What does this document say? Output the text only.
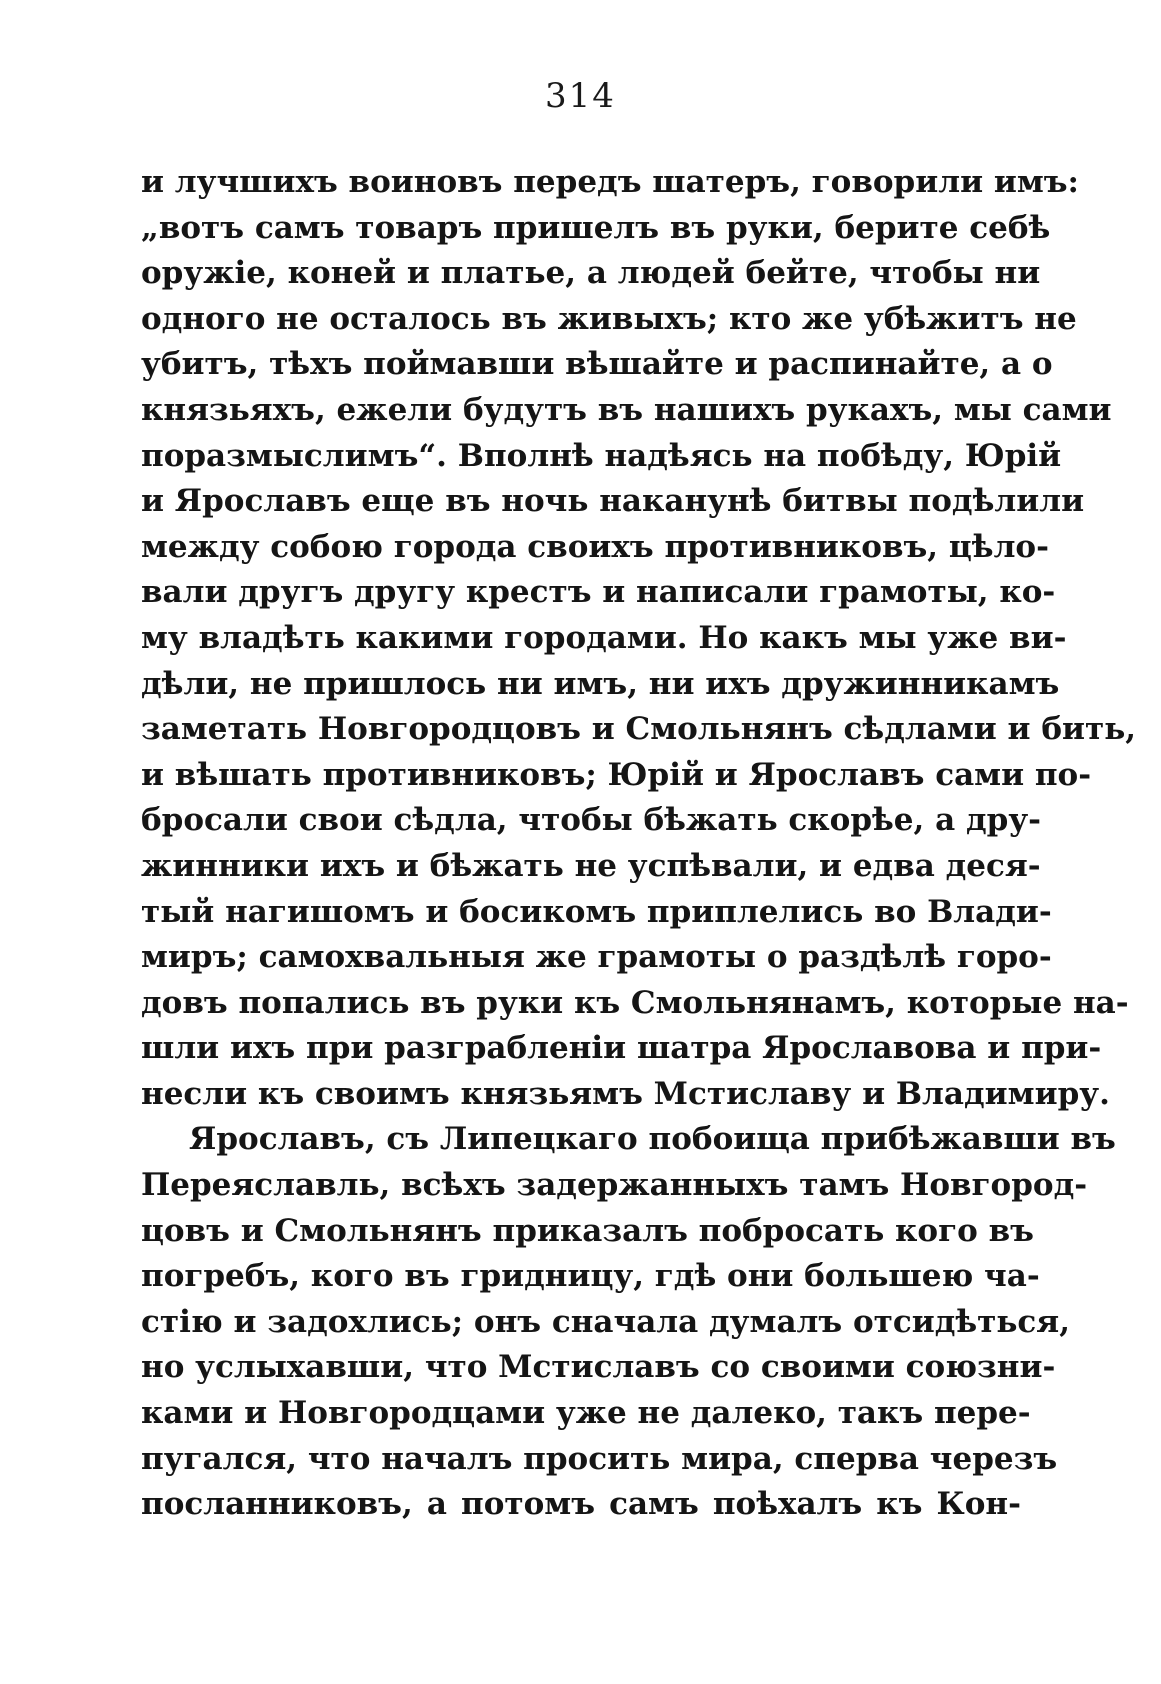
314
и лучшихъ воиновъ передъ шатеръ, говорили имъ:
„вотъ самъ товаръ пришелъ въ руки, берите себѣ
оружіе, коней и платье, а людей бейте, чтобы ни
одного не осталось въ живыхъ; кто же убѣжитъ не
убитъ, тѣхъ поймавши вѣшайте и распинайте, а о
князьяхъ, ежели будутъ въ нашихъ рукахъ, мы сами
поразмыслимъ“. Вполнѣ надѣясь на побѣду, Юрій
и Ярославъ еще въ ночь наканунѣ битвы подѣлили
между собою города своихъ противниковъ, цѣло-
вали другъ другу крестъ и написали грамоты, ко-
му владѣть какими городами. Но какъ мы уже ви-
дѣли, не пришлось ни имъ, ни ихъ дружинникамъ
заметать Новгородцовъ и Смольнянъ сѣдлами и бить,
и вѣшать противниковъ; Юрій и Ярославъ сами по-
бросали свои сѣдла, чтобы бѣжать скорѣе, а дру-
жинники ихъ и бѣжать не успѣвали, и едва деся-
тый нагишомъ и босикомъ приплелись во Влади-
миръ; самохвальныя же грамоты о раздѣлѣ горо-
довъ попались въ руки къ Смольнянамъ, которые на-
шли ихъ при разграбленіи шатра Ярославова и при-
несли къ своимъ князьямъ Мстиславу и Владимиру.
Ярославъ, съ Липецкаго побоища прибѣжавши въ
Переяславль, всѣхъ задержанныхъ тамъ Новгород-
цовъ и Смольнянъ приказалъ побросать кого въ
погребъ, кого въ гридницу, гдѣ они большею ча-
стію и задохлись; онъ сначала думалъ отсидѣться,
но услыхавши, что Мстиславъ со своими союзни-
ками и Новгородцами уже не далеко, такъ пере-
пугался, что началъ просить мира, сперва черезъ
посланниковъ, а потомъ самъ поѣхалъ къ Кон-
